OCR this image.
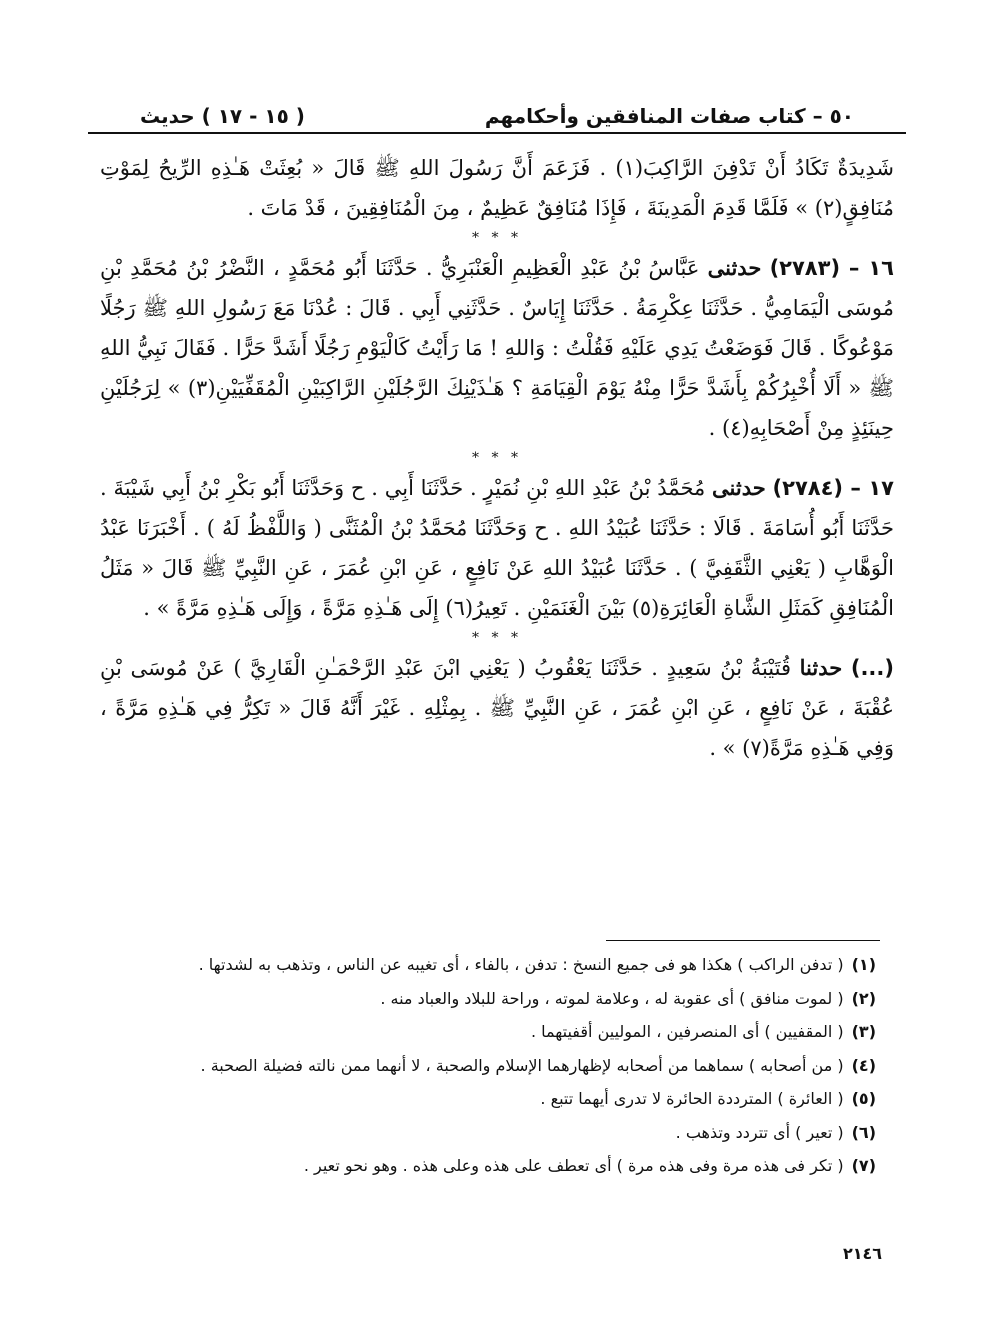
( ١٥ - ١٧ ) حديث	٥٠ – كتاب صفات المنافقين وأحكامهم

شَدِيدَةٌ تَكَادُ أَنْ تَدْفِنَ الرَّاكِبَ(١) . فَزَعَمَ أَنَّ رَسُولَ اللهِ ﷺ قَالَ « بُعِثَتْ هَـٰذِهِ الرِّيحُ لِمَوْتِ مُنَافِقٍ(٢) » فَلَمَّا قَدِمَ الْمَدِينَةَ ، فَإِذَا مُنَافِقٌ عَظِيمٌ ، مِنَ الْمُنَافِقِينَ ، قَدْ مَاتَ .

* * *

١٦ – (٢٧٨٣) حدثنى عَبَّاسُ بْنُ عَبْدِ الْعَظِيمِ الْعَنْبَرِيُّ . حَدَّثَنَا أَبُو مُحَمَّدٍ ، النَّضْرُ بْنُ مُحَمَّدِ بْنِ مُوسَى الْيَمَامِيُّ . حَدَّثَنَا عِكْرِمَةُ . حَدَّثَنَا إِيَاسٌ . حَدَّثَنِي أَبِي . قَالَ : عُدْنَا مَعَ رَسُولِ اللهِ ﷺ رَجُلًا مَوْعُوكًا . قَالَ فَوَضَعْتُ يَدِي عَلَيْهِ فَقُلْتُ : وَاللهِ ! مَا رَأَيْتُ كَالْيَوْمِ رَجُلًا أَشَدَّ حَرًّا . فَقَالَ نَبِيُّ اللهِ ﷺ « أَلَا أُخْبِرُكُمْ بِأَشَدَّ حَرًّا مِنْهُ يَوْمَ الْقِيَامَةِ ؟ هَـٰذَيْنِكَ الرَّجُلَيْنِ الرَّاكِبَيْنِ الْمُقَفِّيَيْنِ(٣) » لِرَجُلَيْنِ حِينَئِذٍ مِنْ أَصْحَابِهِ(٤) .

* * *

١٧ – (٢٧٨٤) حدثنى مُحَمَّدُ بْنُ عَبْدِ اللهِ بْنِ نُمَيْرٍ . حَدَّثَنَا أَبِي . ح وَحَدَّثَنَا أَبُو بَكْرِ بْنُ أَبِي شَيْبَةَ . حَدَّثَنَا أَبُو أُسَامَةَ . قَالَا : حَدَّثَنَا عُبَيْدُ اللهِ . ح وَحَدَّثَنَا مُحَمَّدُ بْنُ الْمُثَنَّى ( وَاللَّفْظُ لَهُ ) . أَخْبَرَنَا عَبْدُ الْوَهَّابِ ( يَعْنِي الثَّقَفِيَّ ) . حَدَّثَنَا عُبَيْدُ اللهِ عَنْ نَافِعٍ ، عَنِ ابْنِ عُمَرَ ، عَنِ النَّبِيِّ ﷺ قَالَ « مَثَلُ الْمُنَافِقِ كَمَثَلِ الشَّاةِ الْعَائِرَةِ(٥) بَيْنَ الْغَنَمَيْنِ . تَعِيرُ(٦) إِلَى هَـٰذِهِ مَرَّةً ، وَإِلَى هَـٰذِهِ مَرَّةً » .

* * *

(...) حدثنا قُتَيْبَةُ بْنُ سَعِيدٍ . حَدَّثَنَا يَعْقُوبُ ( يَعْنِي ابْنَ عَبْدِ الرَّحْمَـٰنِ الْقَارِيَّ ) عَنْ مُوسَى بْنِ عُقْبَةَ ، عَنْ نَافِعٍ ، عَنِ ابْنِ عُمَرَ ، عَنِ النَّبِيِّ ﷺ . بِمِثْلِهِ . غَيْرَ أَنَّهُ قَالَ « تَكِرُّ فِي هَـٰذِهِ مَرَّةً ، وَفِي هَـٰذِهِ مَرَّةً(٧) » .

(١)
( تدفن الراكب ) هكذا هو فى جميع النسخ : تدفن ، بالفاء ، أى تغيبه عن الناس ، وتذهب به لشدتها .
(٢)
( لموت منافق ) أى عقوبة له ، وعلامة لموته ، وراحة للبلاد والعباد منه .
(٣)
( المقفيين ) أى المنصرفين ، الموليين أقفيتهما .
(٤)
( من أصحابه ) سماهما من أصحابه لإظهارهما الإسلام والصحبة ، لا أنهما ممن نالته فضيلة الصحبة .
(٥)
( العائرة ) المترددة الحائرة لا تدرى أيهما تتبع .
(٦)
( تعير ) أى تتردد وتذهب .
(٧)
( تكر فى هذه مرة وفى هذه مرة ) أى تعطف على هذه وعلى هذه . وهو نحو تعير .
٢١٤٦
